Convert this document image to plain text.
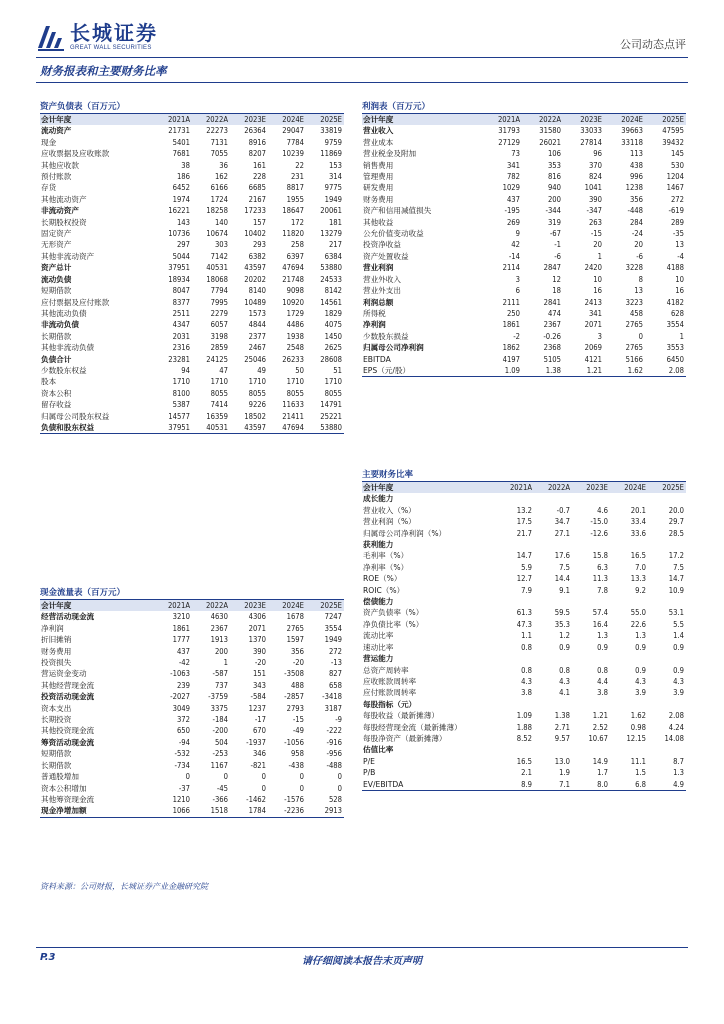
长城证券
GREAT WALL SECURITIES	公司动态点评
财务报表和主要财务比率
资产负债表（百万元）
会计年度	2021A	2022A	2023E	2024E	2025E
流动资产	21731	22273	26364	29047	33819
现金	5401	7131	8916	7784	9759
应收票据及应收账款	7681	7055	8207	10239	11869
其他应收款	38	36	161	22	153
预付账款	186	162	228	231	314
存货	6452	6166	6685	8817	9775
其他流动资产	1974	1724	2167	1955	1949
非流动资产	16221	18258	17233	18647	20061
长期股权投资	143	140	157	172	181
固定资产	10736	10674	10402	11820	13279
无形资产	297	303	293	258	217
其他非流动资产	5044	7142	6382	6397	6384
资产总计	37951	40531	43597	47694	53880
流动负债	18934	18068	20202	21748	24533
短期借款	8047	7794	8140	9098	8142
应付票据及应付账款	8377	7995	10489	10920	14561
其他流动负债	2511	2279	1573	1729	1829
非流动负债	4347	6057	4844	4486	4075
长期借款	2031	3198	2377	1938	1450
其他非流动负债	2316	2859	2467	2548	2625
负债合计	23281	24125	25046	26233	28608
少数股东权益	94	47	49	50	51
股本	1710	1710	1710	1710	1710
资本公积	8100	8055	8055	8055	8055
留存收益	5387	7414	9226	11633	14791
归属母公司股东权益	14577	16359	18502	21411	25221
负债和股东权益	37951	40531	43597	47694	53880
利润表（百万元）
会计年度	2021A	2022A	2023E	2024E	2025E
营业收入	31793	31580	33033	39663	47595
营业成本	27129	26021	27814	33118	39432
营业税金及附加	73	106	96	113	145
销售费用	341	353	370	438	530
管理费用	782	816	824	996	1204
研发费用	1029	940	1041	1238	1467
财务费用	437	200	390	356	272
资产和信用减值损失	-195	-344	-347	-448	-619
其他收益	269	319	263	284	289
公允价值变动收益	9	-67	-15	-24	-35
投资净收益	42	-1	20	20	13
资产处置收益	-14	-6	1	-6	-4
营业利润	2114	2847	2420	3228	4188
营业外收入	3	12	10	8	10
营业外支出	6	18	16	13	16
利润总额	2111	2841	2413	3223	4182
所得税	250	474	341	458	628
净利润	1861	2367	2071	2765	3554
少数股东损益	-2	-0.26	3	0	1
归属母公司净利润	1862	2368	2069	2765	3553
EBITDA	4197	5105	4121	5166	6450
EPS（元/股）	1.09	1.38	1.21	1.62	2.08
主要财务比率
会计年度	2021A	2022A	2023E	2024E	2025E
成长能力					
营业收入（%）	13.2	-0.7	4.6	20.1	20.0
营业利润（%）	17.5	34.7	-15.0	33.4	29.7
归属母公司净利润（%）	21.7	27.1	-12.6	33.6	28.5
获利能力					
毛利率（%）	14.7	17.6	15.8	16.5	17.2
净利率（%）	5.9	7.5	6.3	7.0	7.5
ROE（%）	12.7	14.4	11.3	13.3	14.7
ROIC（%）	7.9	9.1	7.8	9.2	10.9
偿债能力					
资产负债率（%）	61.3	59.5	57.4	55.0	53.1
净负债比率（%）	47.3	35.3	16.4	22.6	5.5
流动比率	1.1	1.2	1.3	1.3	1.4
速动比率	0.8	0.9	0.9	0.9	0.9
营运能力					
总资产周转率	0.8	0.8	0.8	0.9	0.9
应收账款周转率	4.3	4.3	4.4	4.3	4.3
应付账款周转率	3.8	4.1	3.8	3.9	3.9
每股指标（元）					
每股收益（最新摊薄）	1.09	1.38	1.21	1.62	2.08
每股经营现金流（最新摊薄）	1.88	2.71	2.52	0.98	4.24
每股净资产（最新摊薄）	8.52	9.57	10.67	12.15	14.08
估值比率					
P/E	16.5	13.0	14.9	11.1	8.7
P/B	2.1	1.9	1.7	1.5	1.3
EV/EBITDA	8.9	7.1	8.0	6.8	4.9
现金流量表（百万元）
会计年度	2021A	2022A	2023E	2024E	2025E
经营活动现金流	3210	4630	4306	1678	7247
净利润	1861	2367	2071	2765	3554
折旧摊销	1777	1913	1370	1597	1949
财务费用	437	200	390	356	272
投资损失	-42	1	-20	-20	-13
营运资金变动	-1063	-587	151	-3508	827
其他经营现金流	239	737	343	488	658
投资活动现金流	-2027	-3759	-584	-2857	-3418
资本支出	3049	3375	1237	2793	3187
长期投资	372	-184	-17	-15	-9
其他投资现金流	650	-200	670	-49	-222
筹资活动现金流	-94	504	-1937	-1056	-916
短期借款	-532	-253	346	958	-956
长期借款	-734	1167	-821	-438	-488
普通股增加	0	0	0	0	0
资本公积增加	-37	-45	0	0	0
其他筹资现金流	1210	-366	-1462	-1576	528
现金净增加额	1066	1518	1784	-2236	2913
资料来源：公司财报，长城证券产业金融研究院
P.3	请仔细阅读本报告末页声明
